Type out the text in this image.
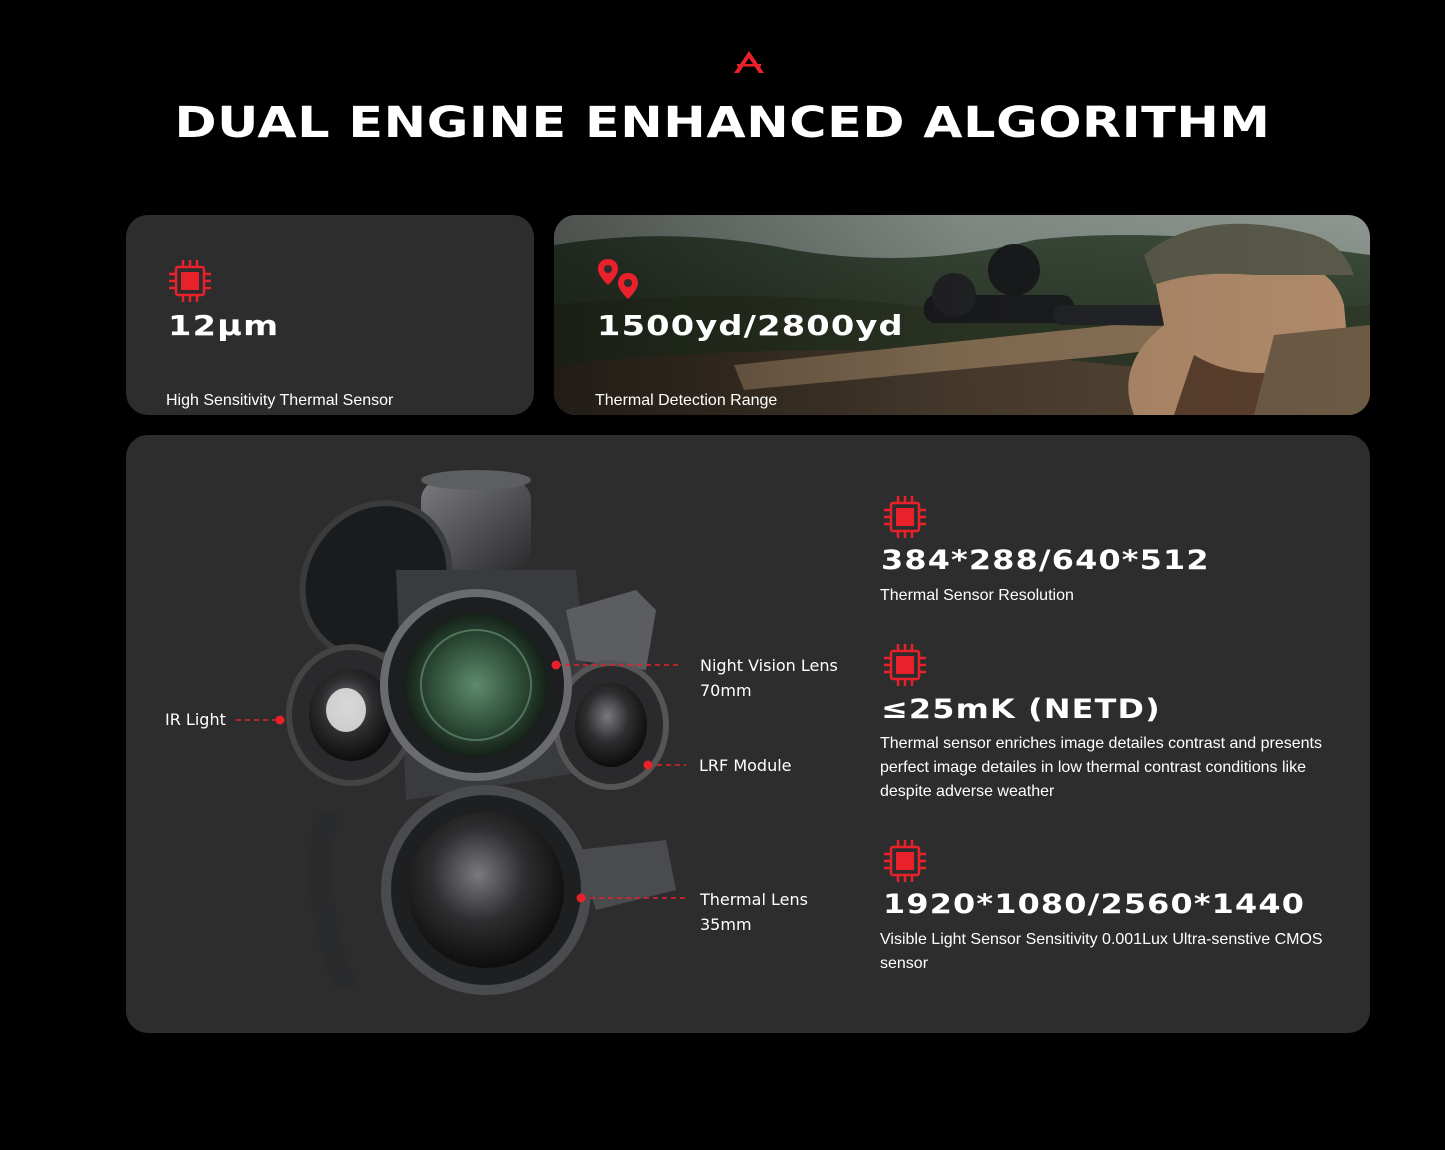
DUAL ENGINE ENHANCED ALGORITHM
12μm
High Sensitivity Thermal Sensor
1500yd/2800yd
Thermal Detection Range
IR Light
Night Vision Lens
70mm
LRF Module
Thermal Lens
35mm
384*288/640*512
Thermal Sensor Resolution
≤25mK (NETD)
Thermal sensor enriches image detailes contrast and presents perfect image detailes in low thermal contrast conditions like despite adverse weather
1920*1080/2560*1440
Visible Light Sensor Sensitivity 0.001Lux Ultra-senstive CMOS sensor
